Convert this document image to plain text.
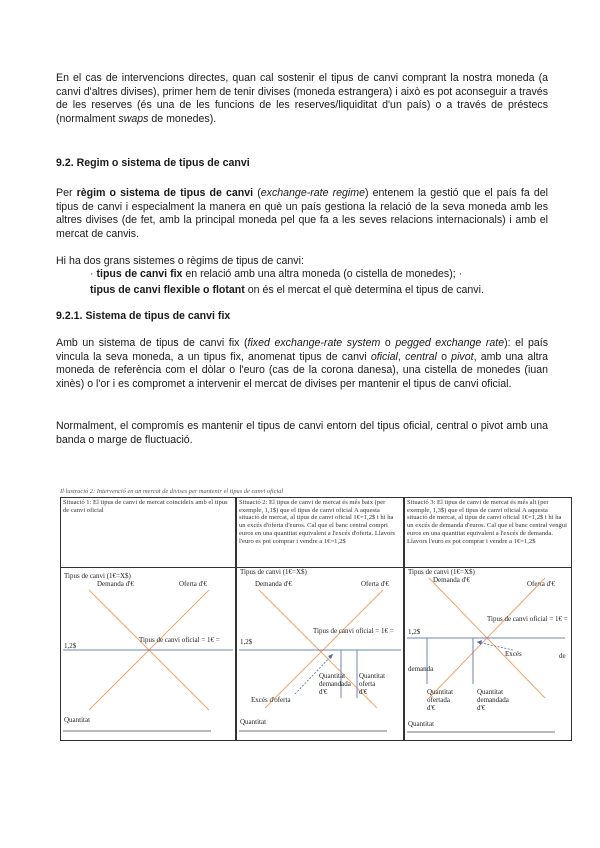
En el cas de intervencions directes, quan cal sostenir el tipus de canvi comprant la nostra moneda (a canvi d'altres divises), primer hem de tenir divises (moneda estrangera) i això es pot aconseguir a través de les reserves (és una de les funcions de les reserves/liquiditat d'un país) o a través de préstecs (normalment swaps de monedes).

9.2. Regim o sistema de tipus de canvi

Per règim o sistema de tipus de canvi (exchange-rate regime) entenem la gestió que el país fa del tipus de canvi i especialment la manera en què un país gestiona la relació de la seva moneda amb les altres divises (de fet, amb la principal moneda pel que fa a les seves relacions internacionals) i amb el mercat de canvis.

Hi ha dos grans sistemes o règims de tipus de canvi:

· tipus de canvi fix en relació amb una altra moneda (o cistella de monedes); ·

tipus de canvi flexible o flotant on és el mercat el què determina el tipus de canvi.

9.2.1. Sistema de tipus de canvi fix

Amb un sistema de tipus de canvi fix (fixed exchange-rate system o pegged exchange rate): el país vincula la seva moneda, a un tipus fix, anomenat tipus de canvi oficial, central o pivot, amb una altra moneda de referència com el dòlar o l'euro (cas de la corona danesa), una cistella de monedes (iuan xinès) o l'or i es compromet a intervenir el mercat de divises per mantenir el tipus de canvi oficial.

Normalment, el compromís es mantenir el tipus de canvi entorn del tipus oficial, central o pivot amb una banda o marge de fluctuació.

Il·lustració 2: Intervenció en un mercat de divises per mantenir el tipus de canvi oficial
Situació 1: El tipus de canvi de mercat coincideix amb el tipus de canvi oficial
Tipus de canvi (1€=X$)
Demanda d'€	Oferta d'€
Tipus de canvi oficial = 1€ =
1,2$
Quantitat
Situació 2: El tipus de canvi de mercat és més baix (per exemple, 1,1$) que el tipus de canvi oficial A aquesta situació de mercat, al tipus de canvi oficial 1€=1,2$ i hi ha un excés d'oferta d'euros. Cal que el banc central compri euros en una quantitat equivalent a l'excés d'oferta. Llavors l'euro es pot comprar i vendre a 1€=1,2$
Tipus de canvi (1€=X$)
Demanda d'€	Oferta d'€
Tipus de canvi oficial = 1€ =
1,2$
Quantitat demandada d'€
Quantitat oferta d'€
Excés d'oferta
Quantitat
Situació 3: El tipus de canvi de mercat és més alt (per exemple, 1,3$) que el tipus de canvi oficial A aquesta situació de mercat, al tipus de canvi oficial 1€=1,2$ i hi ha un excés de demanda d'euros. Cal que el banc central vengui euros en una quantitat equivalent a l'excés de demanda. Llavors l'euro es pot comprar i vendre a 1€=1,2$
Tipus de canvi (1€=X$)
Demanda d'€	Oferta d'€
Tipus de canvi oficial = 1€ =
1,2$
Excés	de
demanda
Quantitat ofertada d'€
Quantitat demandada d'€
Quantitat
